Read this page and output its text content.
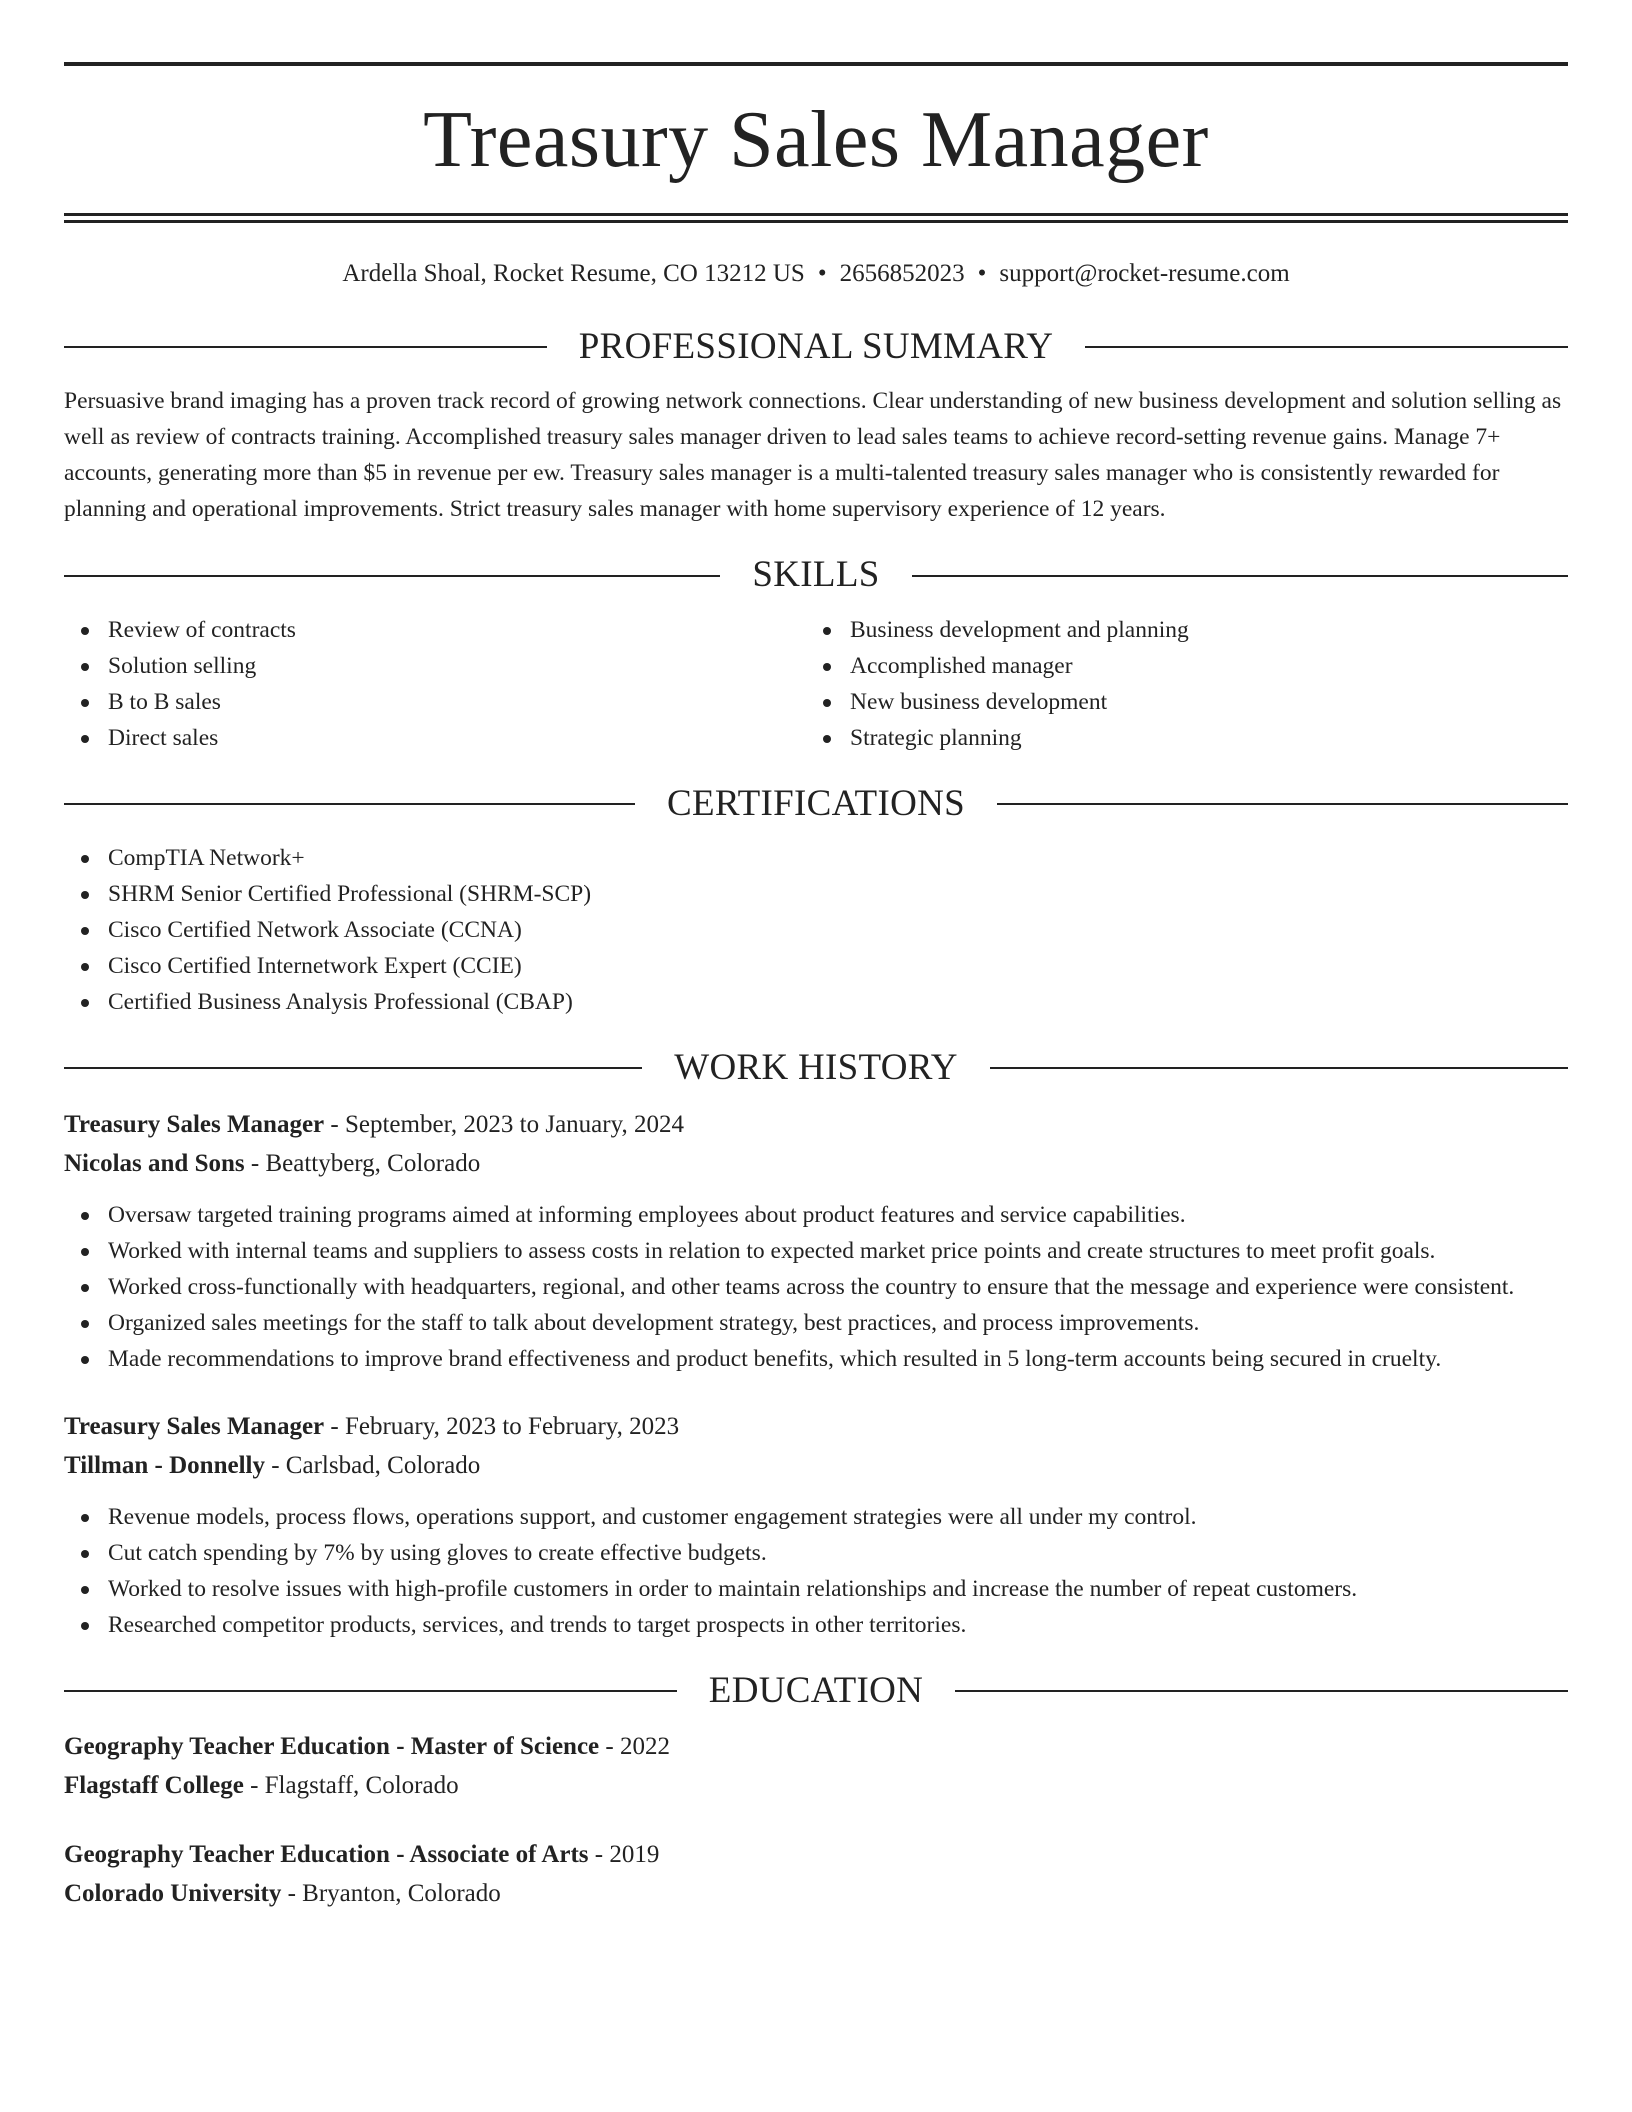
Treasury Sales Manager
Ardella Shoal, Rocket Resume, CO 13212 US • 2656852023 • support@rocket-resume.com
PROFESSIONAL SUMMARY

Persuasive brand imaging has a proven track record of growing network connections. Clear understanding of new business development and solution selling as well as review of contracts training. Accomplished treasury sales manager driven to lead sales teams to achieve record-setting revenue gains. Manage 7+ accounts, generating more than $5 in revenue per ew. Treasury sales manager is a multi-talented treasury sales manager who is consistently rewarded for planning and operational improvements. Strict treasury sales manager with home supervisory experience of 12 years.

SKILLS
Review of contracts
Solution selling
B to B sales
Direct sales
Business development and planning
Accomplished manager
New business development
Strategic planning
CERTIFICATIONS
CompTIA Network+
SHRM Senior Certified Professional (SHRM-SCP)
Cisco Certified Network Associate (CCNA)
Cisco Certified Internetwork Expert (CCIE)
Certified Business Analysis Professional (CBAP)
WORK HISTORY
Treasury Sales Manager - September, 2023 to January, 2024
Nicolas and Sons - Beattyberg, Colorado
Oversaw targeted training programs aimed at informing employees about product features and service capabilities.
Worked with internal teams and suppliers to assess costs in relation to expected market price points and create structures to meet profit goals.
Worked cross-functionally with headquarters, regional, and other teams across the country to ensure that the message and experience were consistent.
Organized sales meetings for the staff to talk about development strategy, best practices, and process improvements.
Made recommendations to improve brand effectiveness and product benefits, which resulted in 5 long-term accounts being secured in cruelty.
Treasury Sales Manager - February, 2023 to February, 2023
Tillman - Donnelly - Carlsbad, Colorado
Revenue models, process flows, operations support, and customer engagement strategies were all under my control.
Cut catch spending by 7% by using gloves to create effective budgets.
Worked to resolve issues with high-profile customers in order to maintain relationships and increase the number of repeat customers.
Researched competitor products, services, and trends to target prospects in other territories.
EDUCATION
Geography Teacher Education - Master of Science - 2022
Flagstaff College - Flagstaff, Colorado
Geography Teacher Education - Associate of Arts - 2019
Colorado University - Bryanton, Colorado
